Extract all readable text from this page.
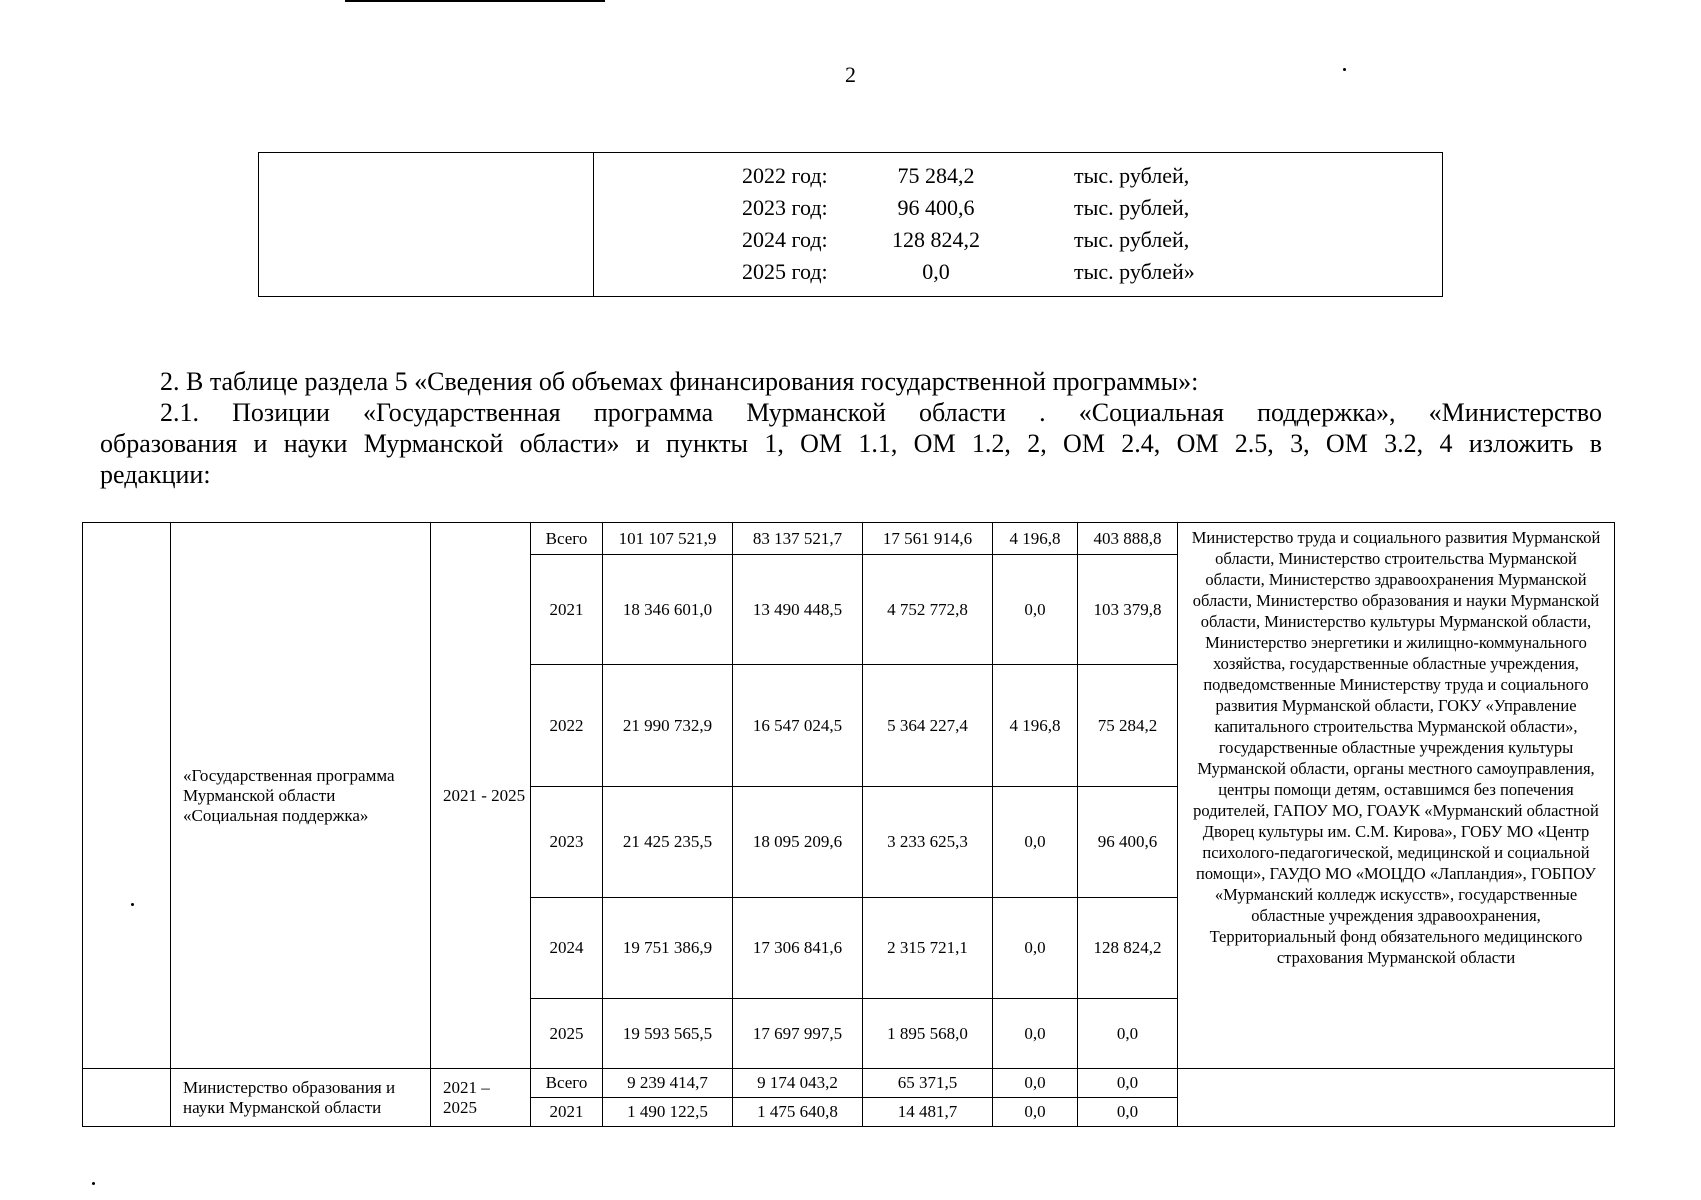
2
2022 год:	75 284,2	тыс. рублей,
2023 год:	96 400,6	тыс. рублей,
2024 год:	128 824,2	тыс. рублей,
2025 год:	0,0	тыс. рублей»
2. В таблице раздела 5 «Сведения об объемах финансирования государственной программы»:
2.1. Позиции «Государственная программа Мурманской области . «Социальная поддержка», «Министерство
образования и науки Мурманской области» и пункты 1, ОМ 1.1, ОМ 1.2, 2, ОМ 2.4, ОМ 2.5, 3, ОМ 3.2, 4 изложить в
редакции:
	«Государственная программа Мурманской области «Социальная поддержка»	2021 - 2025	Всего	101 107 521,9	83 137 521,7	17 561 914,6	4 196,8	403 888,8	Министерство труда и социального развития Мурманской области, Министерство строительства Мурманской области, Министерство здравоохранения Мурманской области, Министерство образования и науки Мурманской области, Министерство культуры Мурманской области, Министерство энергетики и жилищно-коммунального хозяйства, государственные областные учреждения, подведомственные Министерству труда и социального развития Мурманской области, ГОКУ «Управление капитального строительства Мурманской области», государственные областные учреждения культуры Мурманской области, органы местного самоуправления, центры помощи детям, оставшимся без попечения родителей, ГАПОУ МО, ГОАУК «Мурманский областной Дворец культуры им. С.М. Кирова», ГОБУ МО «Центр психолого-педагогической, медицинской и социальной помощи», ГАУДО МО «МОЦДО «Лапландия», ГОБПОУ «Мурманский колледж искусств», государственные областные учреждения здравоохранения, Территориальный фонд обязательного медицинского страхования Мурманской области
			2021	18 346 601,0	13 490 448,5	4 752 772,8	0,0	103 379,8	
			2022	21 990 732,9	16 547 024,5	5 364 227,4	4 196,8	75 284,2	
			2023	21 425 235,5	18 095 209,6	3 233 625,3	0,0	96 400,6	
			2024	19 751 386,9	17 306 841,6	2 315 721,1	0,0	128 824,2	
			2025	19 593 565,5	17 697 997,5	1 895 568,0	0,0	0,0	
	Министерство образования и науки Мурманской области	2021 – 2025	Всего	9 239 414,7	9 174 043,2	65 371,5	0,0	0,0	
			2021	1 490 122,5	1 475 640,8	14 481,7	0,0	0,0	
